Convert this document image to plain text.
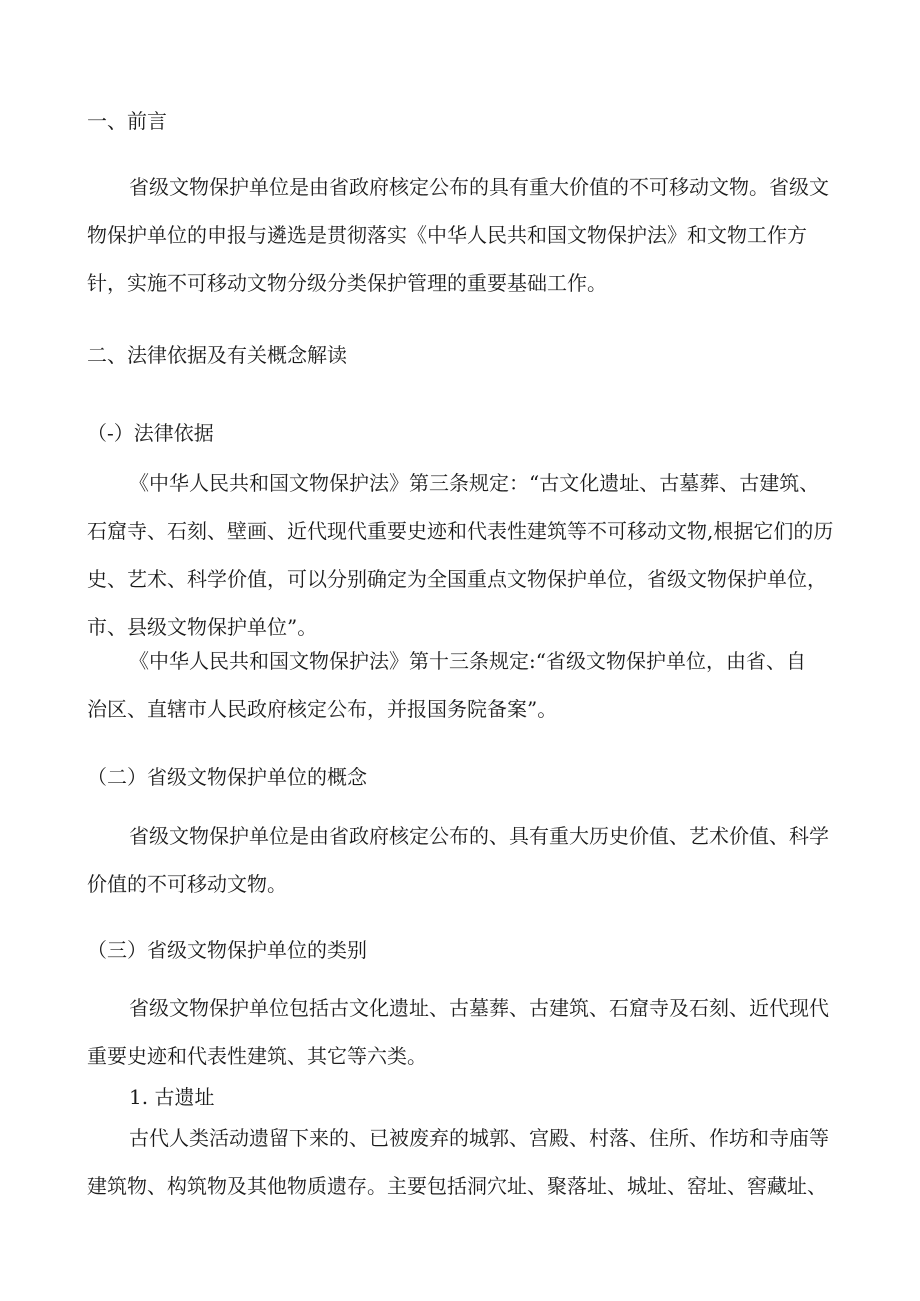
一、前言
省级文物保护单位是由省政府核定公布的具有重大价值的不可移动文物。省级文
物保护单位的申报与遴选是贯彻落实《中华人民共和国文物保护法》和文物工作方
针，实施不可移动文物分级分类保护管理的重要基础工作。
二、法律依据及有关概念解读
（-）法律依据
《中华人民共和国文物保护法》第三条规定：“古文化遗址、古墓葬、古建筑、
石窟寺、石刻、壁画、近代现代重要史迹和代表性建筑等不可移动文物,根据它们的历
史、艺术、科学价值，可以分别确定为全国重点文物保护单位，省级文物保护单位，
市、县级文物保护单位”。
《中华人民共和国文物保护法》第十三条规定:“省级文物保护单位，由省、自
治区、直辖市人民政府核定公布，并报国务院备案”。
（二）省级文物保护单位的概念
省级文物保护单位是由省政府核定公布的、具有重大历史价值、艺术价值、科学
价值的不可移动文物。
（三）省级文物保护单位的类别
省级文物保护单位包括古文化遗址、古墓葬、古建筑、石窟寺及石刻、近代现代
重要史迹和代表性建筑、其它等六类。
1. 古遗址
古代人类活动遗留下来的、已被废弃的城郭、宫殿、村落、住所、作坊和寺庙等
建筑物、构筑物及其他物质遗存。主要包括洞穴址、聚落址、城址、窑址、窖藏址、
